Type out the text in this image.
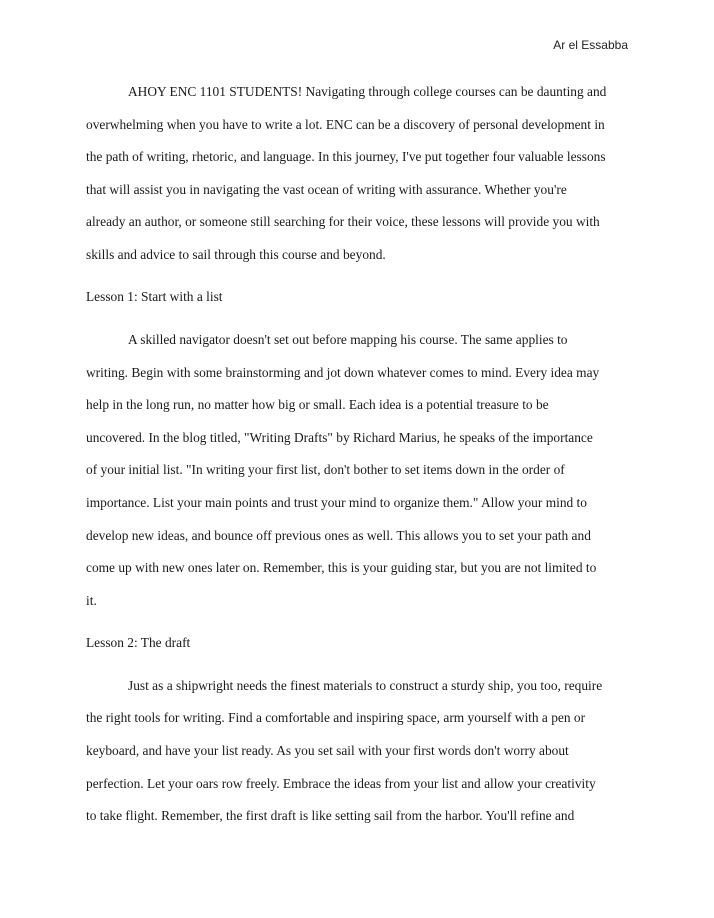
Ar el Essabba
AHOY ENC 1101 STUDENTS! Navigating through college courses can be daunting and
overwhelming when you have to write a lot. ENC can be a discovery of personal development in
the path of writing, rhetoric, and language. In this journey, I've put together four valuable lessons
that will assist you in navigating the vast ocean of writing with assurance. Whether you're
already an author, or someone still searching for their voice, these lessons will provide you with
skills and advice to sail through this course and beyond.
Lesson 1: Start with a list
A skilled navigator doesn't set out before mapping his course. The same applies to
writing. Begin with some brainstorming and jot down whatever comes to mind. Every idea may
help in the long run, no matter how big or small. Each idea is a potential treasure to be
uncovered. In the blog titled, "Writing Drafts" by Richard Marius, he speaks of the importance
of your initial list. "In writing your first list, don't bother to set items down in the order of
importance. List your main points and trust your mind to organize them." Allow your mind to
develop new ideas, and bounce off previous ones as well. This allows you to set your path and
come up with new ones later on. Remember, this is your guiding star, but you are not limited to
it.
Lesson 2: The draft
Just as a shipwright needs the finest materials to construct a sturdy ship, you too, require
the right tools for writing. Find a comfortable and inspiring space, arm yourself with a pen or
keyboard, and have your list ready. As you set sail with your first words don't worry about
perfection. Let your oars row freely. Embrace the ideas from your list and allow your creativity
to take flight. Remember, the first draft is like setting sail from the harbor. You'll refine and
